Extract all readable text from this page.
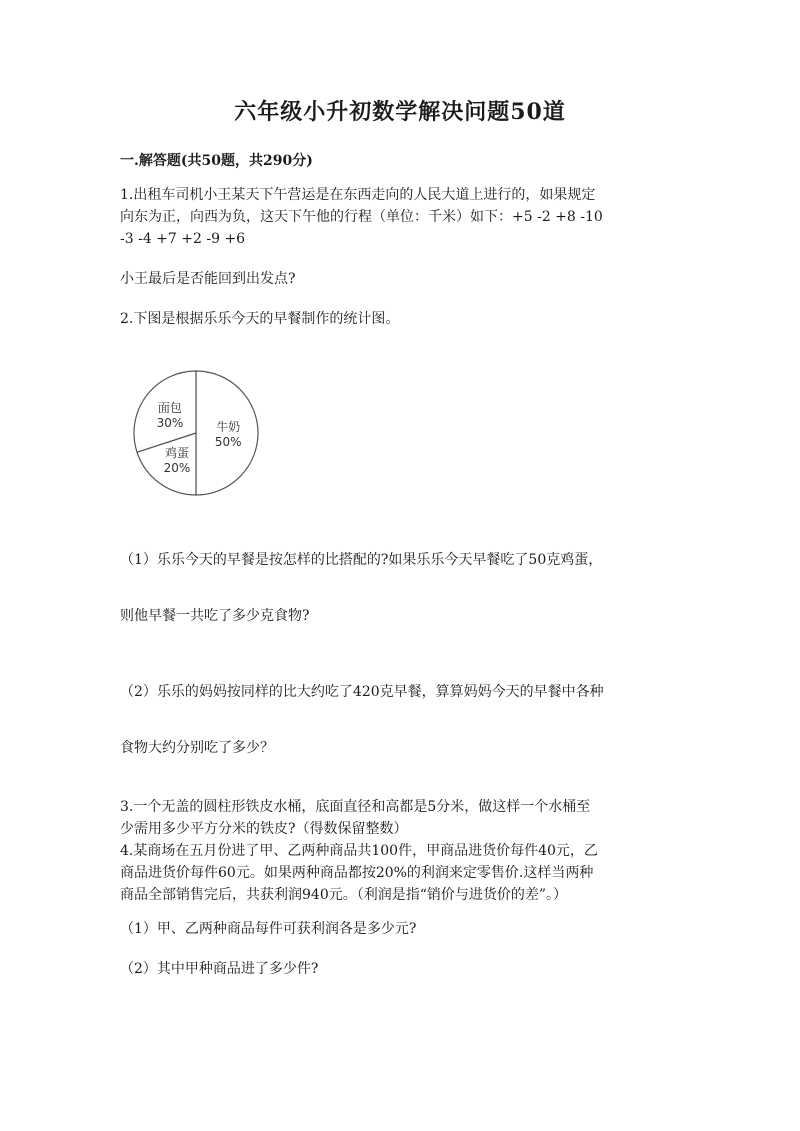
六年级小升初数学解决问题50道
一.解答题(共50题，共290分)
1.出租车司机小王某天下午营运是在东西走向的人民大道上进行的，如果规定
向东为正，向西为负，这天下午他的行程（单位：千米）如下：+5 -2 +8 -10
-3 -4 +7 +2 -9 +6
小王最后是否能回到出发点?
2.下图是根据乐乐今天的早餐制作的统计图。
牛奶
50%
鸡蛋
20%
面包
30%
（1）乐乐今天的早餐是按怎样的比搭配的?如果乐乐今天早餐吃了50克鸡蛋，
则他早餐一共吃了多少克食物?
（2）乐乐的妈妈按同样的比大约吃了420克早餐，算算妈妈今天的早餐中各种
食物大约分别吃了多少？
3.一个无盖的圆柱形铁皮水桶，底面直径和高都是5分米，做这样一个水桶至
少需用多少平方分米的铁皮?（得数保留整数）
4.某商场在五月份进了甲、乙两种商品共100件，甲商品进货价每件40元，乙
商品进货价每件60元。如果两种商品都按20%的利润来定零售价.这样当两种
商品全部销售完后，共获利润940元。（利润是指“销价与进货价的差”。）
（1）甲、乙两种商品每件可获利润各是多少元?
（2）其中甲种商品进了多少件?
